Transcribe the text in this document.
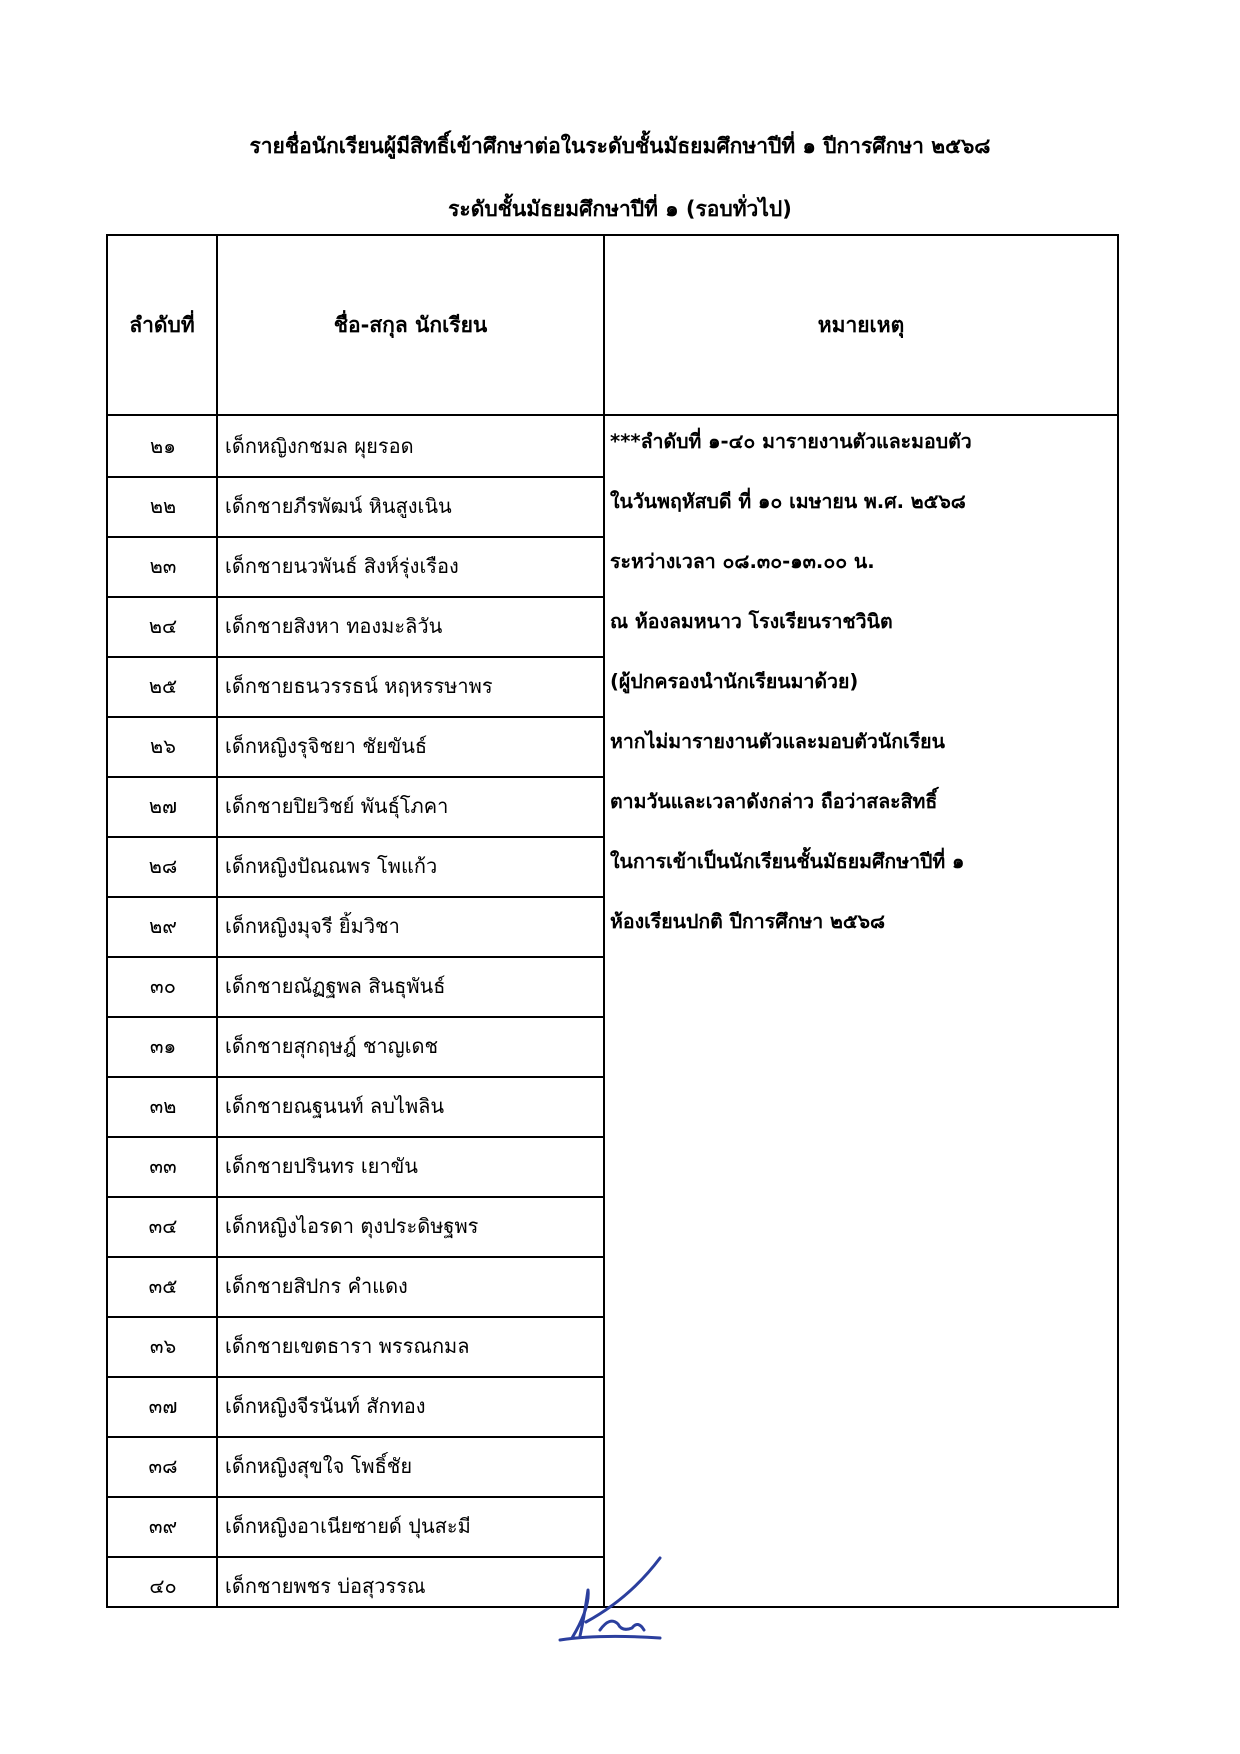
รายชื่อนักเรียนผู้มีสิทธิ์เข้าศึกษาต่อในระดับชั้นมัธยมศึกษาปีที่ ๑ ปีการศึกษา ๒๕๖๘
ระดับชั้นมัธยมศึกษาปีที่ ๑ (รอบทั่วไป)
ลำดับที่	ชื่อ-สกุล นักเรียน	หมายเหตุ
๒๑	เด็กหญิงกชมล ผุยรอด
๒๒	เด็กชายภีรพัฒน์ หินสูงเนิน
๒๓	เด็กชายนวพันธ์ สิงห์รุ่งเรือง
๒๔	เด็กชายสิงหา ทองมะลิวัน
๒๕	เด็กชายธนวรรธน์ หฤหรรษาพร
๒๖	เด็กหญิงรุจิชยา ชัยขันธ์
๒๗	เด็กชายปิยวิชย์ พันธุ์โภคา
๒๘	เด็กหญิงปัณณพร โพแก้ว
๒๙	เด็กหญิงมุจรี ยิ้มวิชา
๓๐	เด็กชายณัฏฐพล สินธุพันธ์
๓๑	เด็กชายสุกฤษฎ์ ชาญเดช
๓๒	เด็กชายณฐนนท์ ลบไพลิน
๓๓	เด็กชายปรินทร เยาขัน
๓๔	เด็กหญิงไอรดา ตุงประดิษฐพร
๓๕	เด็กชายสิปกร คำแดง
๓๖	เด็กชายเขตธารา พรรณกมล
๓๗	เด็กหญิงจีรนันท์ สักทอง
๓๘	เด็กหญิงสุขใจ โพธิ์ชัย
๓๙	เด็กหญิงอาเนียซายด์ ปุนสะมี
๔๐	เด็กชายพชร บ่อสุวรรณ
***ลำดับที่ ๑-๔๐ มารายงานตัวและมอบตัว
ในวันพฤหัสบดี ที่ ๑๐ เมษายน พ.ศ. ๒๕๖๘
ระหว่างเวลา ๐๘.๓๐-๑๓.๐๐ น.
ณ ห้องลมหนาว โรงเรียนราชวินิต
(ผู้ปกครองนำนักเรียนมาด้วย)
หากไม่มารายงานตัวและมอบตัวนักเรียน
ตามวันและเวลาดังกล่าว ถือว่าสละสิทธิ์
ในการเข้าเป็นนักเรียนชั้นมัธยมศึกษาปีที่ ๑
ห้องเรียนปกติ ปีการศึกษา ๒๕๖๘
